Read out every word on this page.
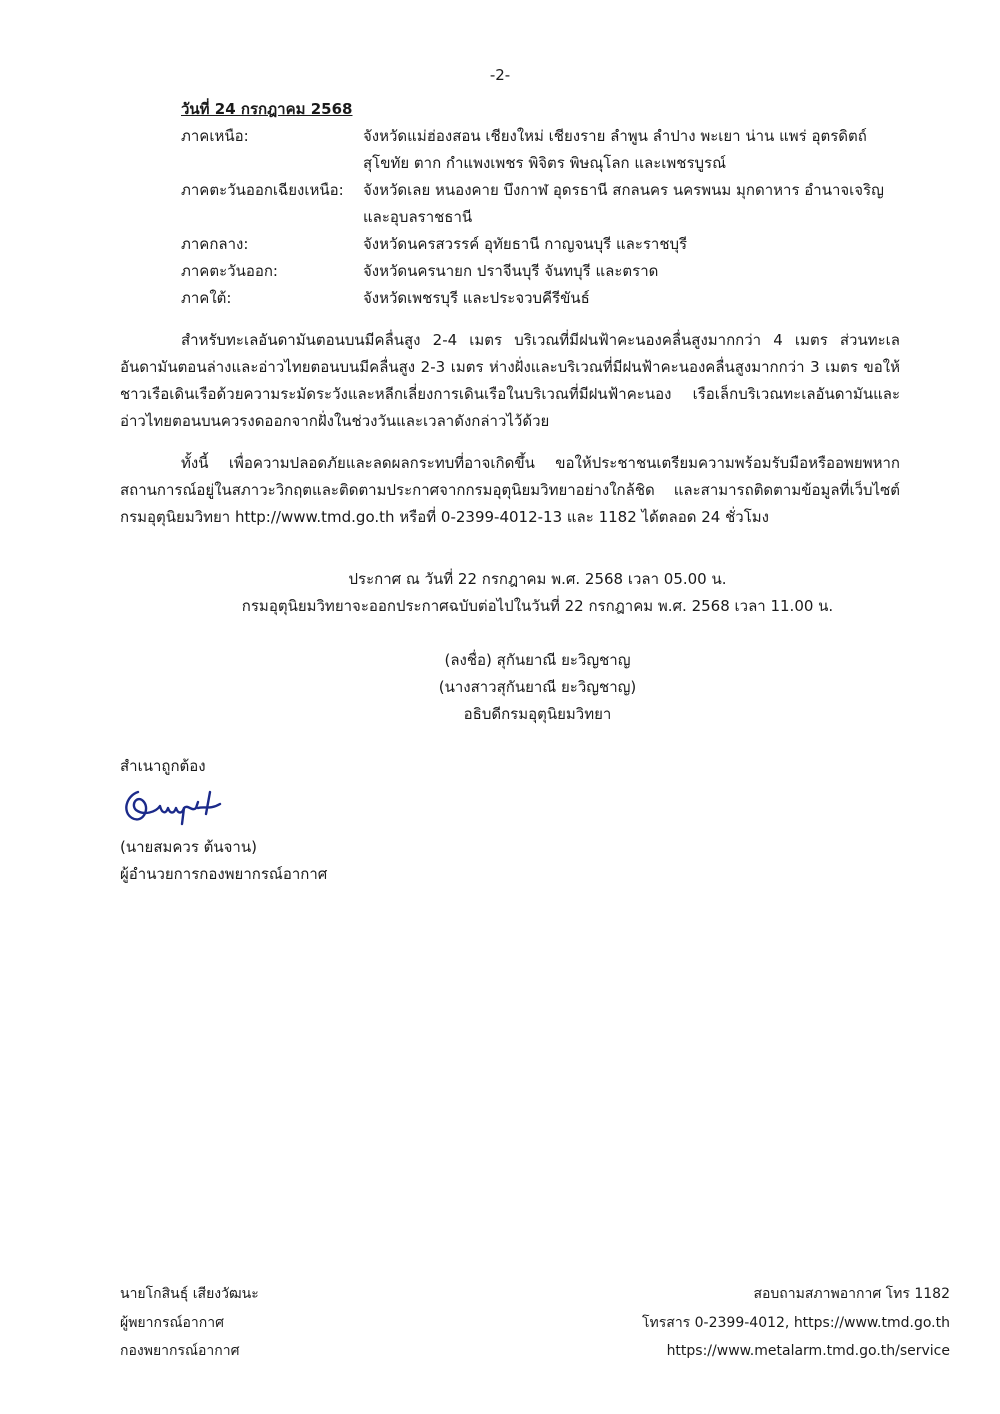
-2-
วันที่ 24 กรกฎาคม 2568
ภาคเหนือ:	จังหวัดแม่ฮ่องสอน เชียงใหม่ เชียงราย ลำพูน ลำปาง พะเยา น่าน แพร่ อุตรดิตถ์ สุโขทัย ตาก กำแพงเพชร พิจิตร พิษณุโลก และเพชรบูรณ์
ภาคตะวันออกเฉียงเหนือ:	จังหวัดเลย หนองคาย บึงกาฬ อุดรธานี สกลนคร นครพนม มุกดาหาร อำนาจเจริญ และอุบลราชธานี
ภาคกลาง:	จังหวัดนครสวรรค์ อุทัยธานี กาญจนบุรี และราชบุรี
ภาคตะวันออก:	จังหวัดนครนายก ปราจีนบุรี จันทบุรี และตราด
ภาคใต้:	จังหวัดเพชรบุรี และประจวบคีรีขันธ์
สำหรับทะเลอันดามันตอนบนมีคลื่นสูง 2-4 เมตร บริเวณที่มีฝนฟ้าคะนองคลื่นสูงมากกว่า 4 เมตร ส่วนทะเลอันดามันตอนล่างและอ่าวไทยตอนบนมีคลื่นสูง 2-3 เมตร ห่างฝั่งและบริเวณที่มีฝนฟ้าคะนองคลื่นสูงมากกว่า 3 เมตร ขอให้ชาวเรือเดินเรือด้วยความระมัดระวังและหลีกเลี่ยงการเดินเรือในบริเวณที่มีฝนฟ้าคะนอง เรือเล็กบริเวณทะเลอันดามันและอ่าวไทยตอนบนควรงดออกจากฝั่งในช่วงวันและเวลาดังกล่าวไว้ด้วย
ทั้งนี้ เพื่อความปลอดภัยและลดผลกระทบที่อาจเกิดขึ้น ขอให้ประชาชนเตรียมความพร้อมรับมือหรืออพยพหากสถานการณ์อยู่ในสภาวะวิกฤตและติดตามประกาศจากกรมอุตุนิยมวิทยาอย่างใกล้ชิด และสามารถติดตามข้อมูลที่เว็บไซต์กรมอุตุนิยมวิทยา http://www.tmd.go.th หรือที่ 0-2399-4012-13 และ 1182 ได้ตลอด 24 ชั่วโมง
ประกาศ ณ วันที่ 22 กรกฎาคม พ.ศ. 2568 เวลา 05.00 น.
กรมอุตุนิยมวิทยาจะออกประกาศฉบับต่อไปในวันที่ 22 กรกฎาคม พ.ศ. 2568 เวลา 11.00 น.
(ลงชื่อ) สุกันยาณี ยะวิญชาญ
(นางสาวสุกันยาณี ยะวิญชาญ)
อธิบดีกรมอุตุนิยมวิทยา
สำเนาถูกต้อง
(นายสมควร ต้นจาน)
ผู้อำนวยการกองพยากรณ์อากาศ
นายโกสินธุ์ เสียงวัฒนะ
ผู้พยากรณ์อากาศ
กองพยากรณ์อากาศ
สอบถามสภาพอากาศ โทร 1182
โทรสาร 0-2399-4012, https://www.tmd.go.th
https://www.metalarm.tmd.go.th/service
